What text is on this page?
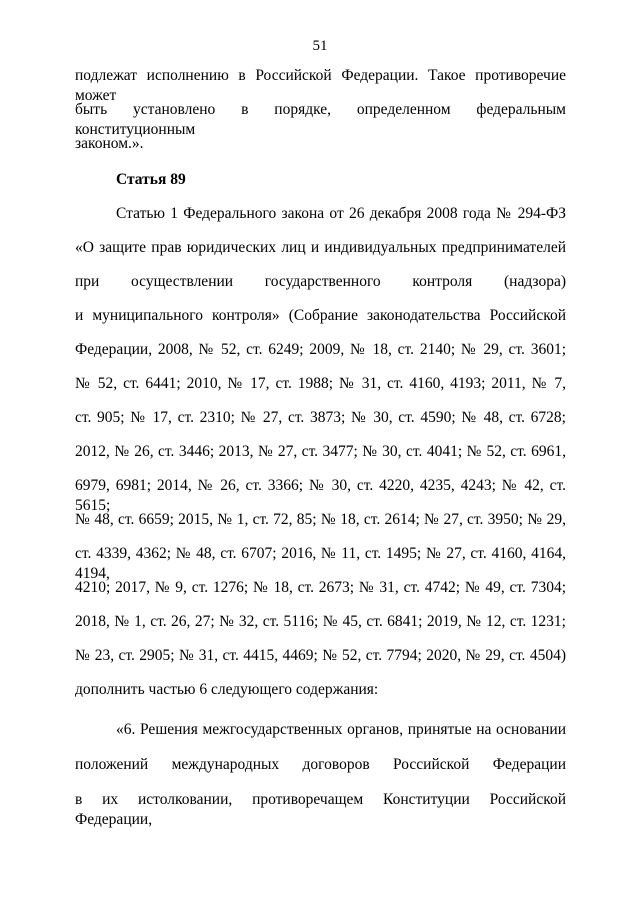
51
подлежат исполнению в Российской Федерации. Такое противоречие может
быть установлено в порядке, определенном федеральным конституционным
законом.».
Статья 89
Статью 1 Федерального закона от 26 декабря 2008 года № 294-ФЗ
«О защите прав юридических лиц и индивидуальных предпринимателей
при осуществлении государственного контроля (надзора)
и муниципального контроля» (Собрание законодательства Российской
Федерации, 2008, № 52, ст. 6249; 2009, № 18, ст. 2140; № 29, ст. 3601;
№ 52, ст. 6441; 2010, № 17, ст. 1988; № 31, ст. 4160, 4193; 2011, № 7,
ст. 905; № 17, ст. 2310; № 27, ст. 3873; № 30, ст. 4590; № 48, ст. 6728;
2012, № 26, ст. 3446; 2013, № 27, ст. 3477; № 30, ст. 4041; № 52, ст. 6961,
6979, 6981; 2014, № 26, ст. 3366; № 30, ст. 4220, 4235, 4243; № 42, ст. 5615;
№ 48, ст. 6659; 2015, № 1, ст. 72, 85; № 18, ст. 2614; № 27, ст. 3950; № 29,
ст. 4339, 4362; № 48, ст. 6707; 2016, № 11, ст. 1495; № 27, ст. 4160, 4164, 4194,
4210; 2017, № 9, ст. 1276; № 18, ст. 2673; № 31, ст. 4742; № 49, ст. 7304;
2018, № 1, ст. 26, 27; № 32, ст. 5116; № 45, ст. 6841; 2019, № 12, ст. 1231;
№ 23, ст. 2905; № 31, ст. 4415, 4469; № 52, ст. 7794; 2020, № 29, ст. 4504)
дополнить частью 6 следующего содержания:
«6. Решения межгосударственных органов, принятые на основании
положений международных договоров Российской Федерации
в их истолковании, противоречащем Конституции Российской Федерации,
